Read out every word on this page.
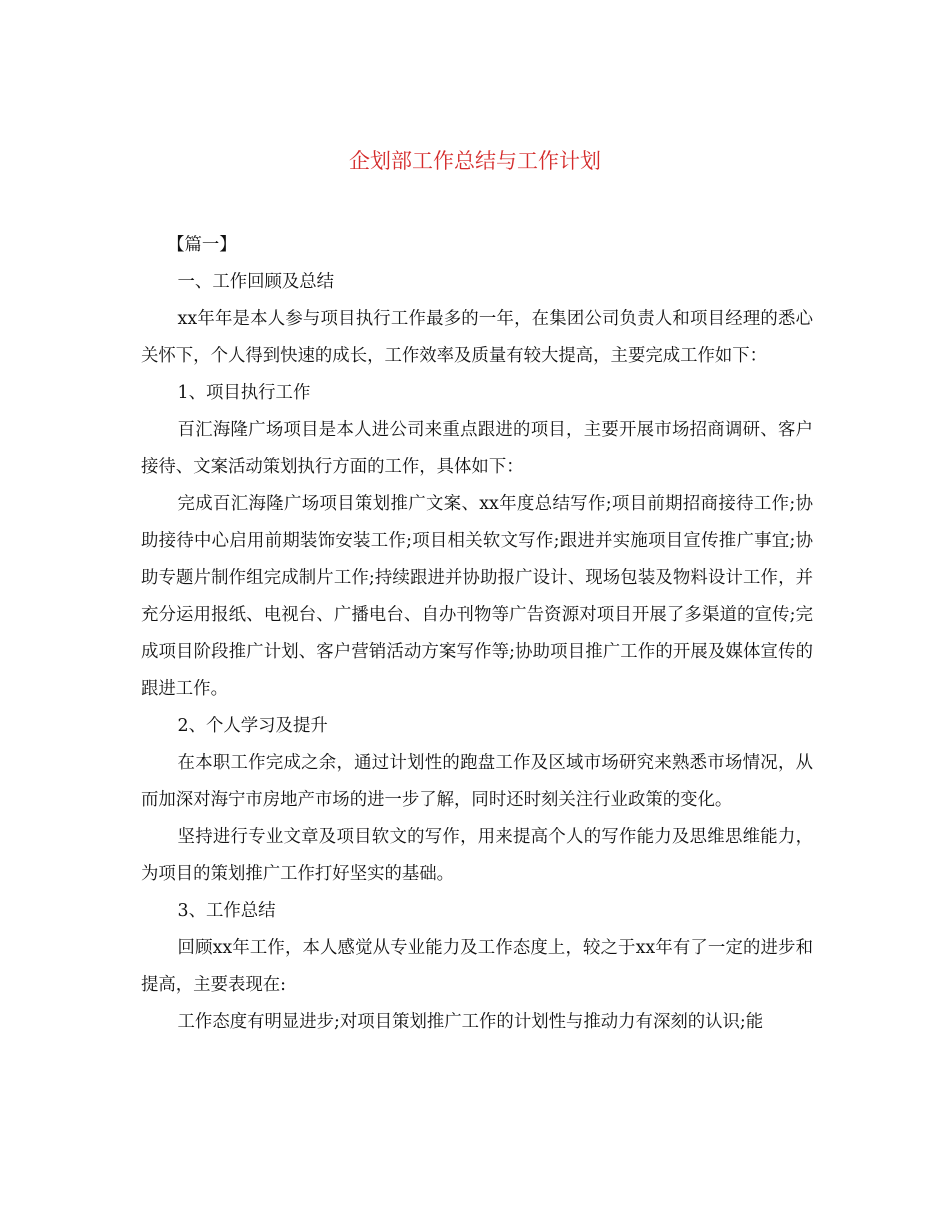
企划部工作总结与工作计划

【篇一】

一、工作回顾及总结

xx年年是本人参与项目执行工作最多的一年，在集团公司负责人和项目经理的悉心关怀下，个人得到快速的成长，工作效率及质量有较大提高，主要完成工作如下：

1、项目执行工作

百汇海隆广场项目是本人进公司来重点跟进的项目，主要开展市场招商调研、客户接待、文案活动策划执行方面的工作，具体如下：

完成百汇海隆广场项目策划推广文案、xx年度总结写作;项目前期招商接待工作;协助接待中心启用前期装饰安装工作;项目相关软文写作;跟进并实施项目宣传推广事宜;协助专题片制作组完成制片工作;持续跟进并协助报广设计、现场包装及物料设计工作，并充分运用报纸、电视台、广播电台、自办刊物等广告资源对项目开展了多渠道的宣传;完成项目阶段推广计划、客户营销活动方案写作等;协助项目推广工作的开展及媒体宣传的跟进工作。

2、个人学习及提升

在本职工作完成之余，通过计划性的跑盘工作及区域市场研究来熟悉市场情况，从而加深对海宁市房地产市场的进一步了解，同时还时刻关注行业政策的变化。

坚持进行专业文章及项目软文的写作，用来提高个人的写作能力及思维思维能力，为项目的策划推广工作打好坚实的基础。

3、工作总结

回顾xx年工作，本人感觉从专业能力及工作态度上，较之于xx年有了一定的进步和提高，主要表现在:

工作态度有明显进步;对项目策划推广工作的计划性与推动力有深刻的认识;能
